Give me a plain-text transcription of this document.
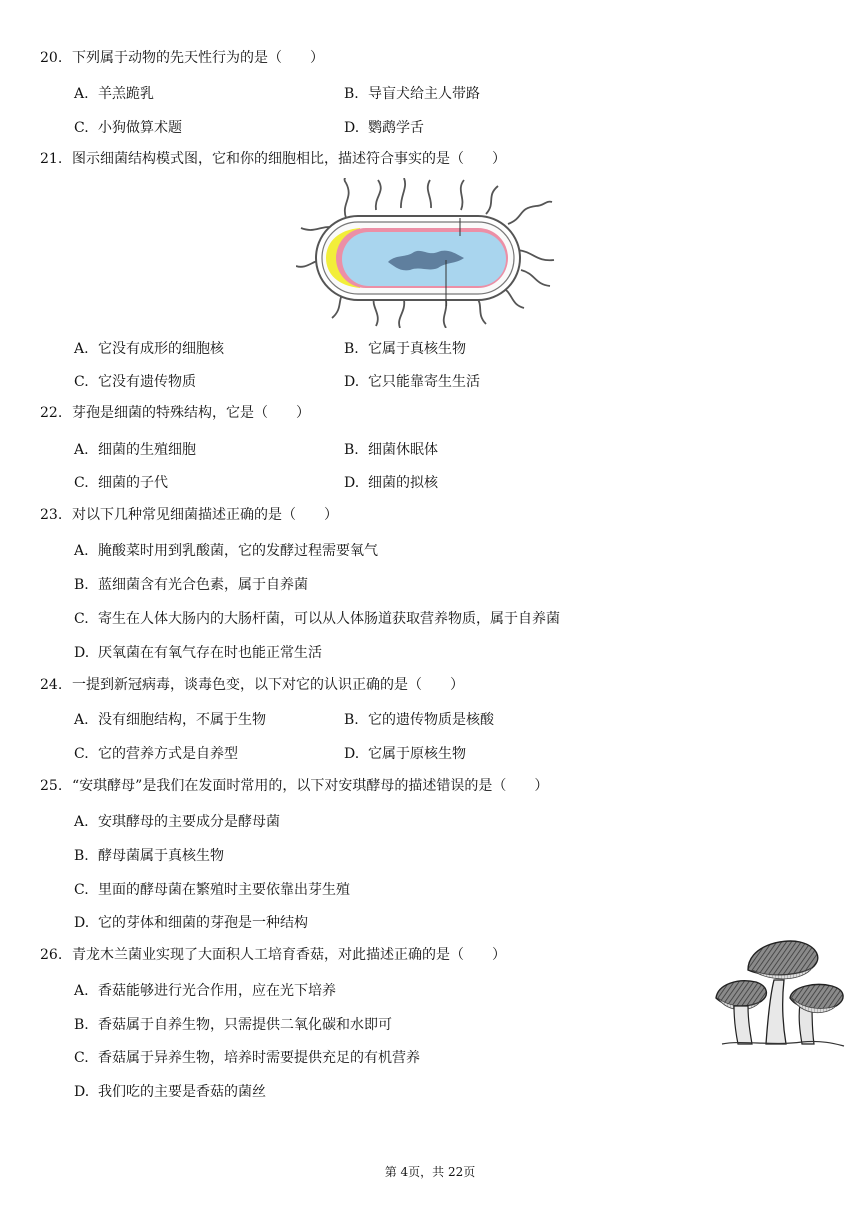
20. 下列属于动物的先天性行为的是（　　）
A. 羊羔跪乳	B. 导盲犬给主人带路
C. 小狗做算术题	D. 鹦鹉学舌
21. 图示细菌结构模式图，它和你的细胞相比，描述符合事实的是（　　）
A. 它没有成形的细胞核	B. 它属于真核生物
C. 它没有遗传物质	D. 它只能靠寄生生活
22. 芽孢是细菌的特殊结构，它是（　　）
A. 细菌的生殖细胞	B. 细菌休眠体
C. 细菌的子代	D. 细菌的拟核
23. 对以下几种常见细菌描述正确的是（　　）
A. 腌酸菜时用到乳酸菌，它的发酵过程需要氧气
B. 蓝细菌含有光合色素，属于自养菌
C. 寄生在人体大肠内的大肠杆菌，可以从人体肠道获取营养物质，属于自养菌
D. 厌氧菌在有氧气存在时也能正常生活
24. 一提到新冠病毒，谈毒色变，以下对它的认识正确的是（　　）
A. 没有细胞结构，不属于生物	B. 它的遗传物质是核酸
C. 它的营养方式是自养型	D. 它属于原核生物
25. “安琪酵母”是我们在发面时常用的，以下对安琪酵母的描述错误的是（　　）
A. 安琪酵母的主要成分是酵母菌
B. 酵母菌属于真核生物
C. 里面的酵母菌在繁殖时主要依靠出芽生殖
D. 它的芽体和细菌的芽孢是一种结构
26. 青龙木兰菌业实现了大面积人工培育香菇，对此描述正确的是（　　）
A. 香菇能够进行光合作用，应在光下培养
B. 香菇属于自养生物，只需提供二氧化碳和水即可
C. 香菇属于异养生物，培养时需要提供充足的有机营养
D. 我们吃的主要是香菇的菌丝
第 4页，共 22页
